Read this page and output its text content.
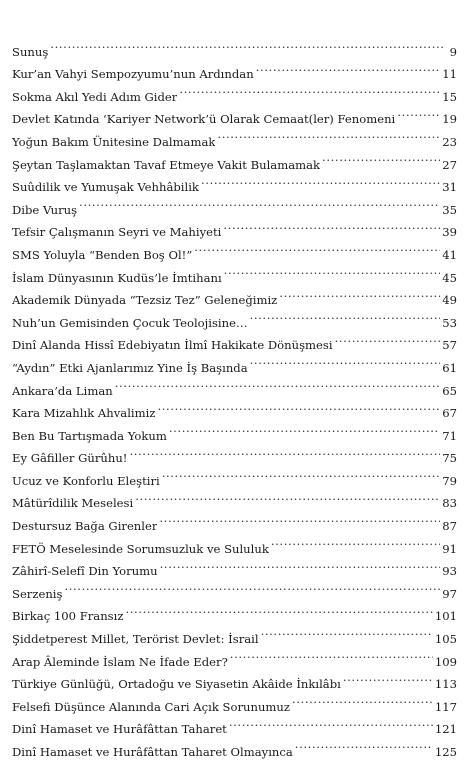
Sunuş .....	9
Kur’an Vahyi Sempozyumu’nun Ardından .....	11
Sokma Akıl Yedi Adım Gider .....	15
Devlet Katında ‘Kariyer Network’ü Olarak Cemaat(ler) Fenomeni .....	19
Yoğun Bakım Ünitesine Dalmamak .....	23
Şeytan Taşlamaktan Tavaf Etmeye Vakit Bulamamak .....	27
Suûdilik ve Yumuşak Vehhâbilik .....	31
Dibe Vuruş .....	35
Tefsir Çalışmanın Seyri ve Mahiyeti .....	39
SMS Yoluyla “Benden Boş Ol!” .....	41
İslam Dünyasının Kudüs’le İmtihanı .....	45
Akademik Dünyada “Tezsiz Tez” Geleneğimiz .....	49
Nuh’un Gemisinden Çocuk Teolojisine… .....	53
Dinî Alanda Hissî Edebiyatın İlmî Hakikate Dönüşmesi .....	57
“Aydın” Etki Ajanlarımız Yine İş Başında .....	61
Ankara’da Liman .....	65
Kara Mizahlık Ahvalimiz .....	67
Ben Bu Tartışmada Yokum .....	71
Ey Gâfiller Gürûhu! .....	75
Ucuz ve Konforlu Eleştiri .....	79
Mâtürîdilik Meselesi .....	83
Destursuz Bağa Girenler .....	87
FETÖ Meselesinde Sorumsuzluk ve Sululuk .....	91
Zâhirî-Selefî Din Yorumu .....	93
Serzeniş .....	97
Birkaç 100 Fransız .....	101
Şiddetperest Millet, Terörist Devlet: İsrail .....	105
Arap Âleminde İslam Ne İfade Eder? .....	109
Türkiye Günlüğü, Ortadoğu ve Siyasetin Akâide İnkılâbı .....	113
Felsefi Düşünce Alanında Cari Açık Sorunumuz .....	117
Dinî Hamaset ve Hurâfâttan Taharet .....	121
Dinî Hamaset ve Hurâfâttan Taharet Olmayınca .....	125
